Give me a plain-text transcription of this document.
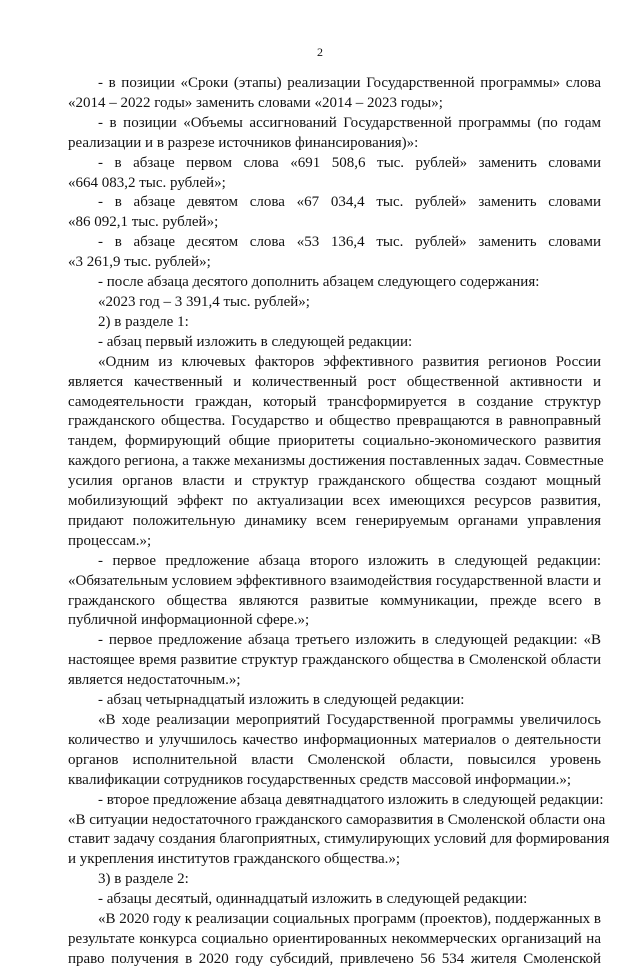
2
- в позиции «Сроки (этапы) реализации Государственной программы» слова
«2014 – 2022 годы» заменить словами «2014 – 2023 годы»;
- в позиции «Объемы ассигнований Государственной программы (по годам
реализации и в разрезе источников финансирования)»:
- в абзаце первом слова «691 508,6 тыс. рублей» заменить словами
«664 083,2 тыс. рублей»;
- в абзаце девятом слова «67 034,4 тыс. рублей» заменить словами
«86 092,1 тыс. рублей»;
- в абзаце десятом слова «53 136,4 тыс. рублей» заменить словами
«3 261,9 тыс. рублей»;
- после абзаца десятого дополнить абзацем следующего содержания:
«2023 год – 3 391,4 тыс. рублей»;
2) в разделе 1:
- абзац первый изложить в следующей редакции:
«Одним из ключевых факторов эффективного развития регионов России
является качественный и количественный рост общественной активности и
самодеятельности граждан, который трансформируется в создание структур
гражданского общества. Государство и общество превращаются в равноправный
тандем, формирующий общие приоритеты социально-экономического развития
каждого региона, а также механизмы достижения поставленных задач. Совместные
усилия органов власти и структур гражданского общества создают мощный
мобилизующий эффект по актуализации всех имеющихся ресурсов развития,
придают положительную динамику всем генерируемым органами управления
процессам.»;
- первое предложение абзаца второго изложить в следующей редакции:
«Обязательным условием эффективного взаимодействия государственной власти и
гражданского общества являются развитые коммуникации, прежде всего в
публичной информационной сфере.»;
- первое предложение абзаца третьего изложить в следующей редакции: «В
настоящее время развитие структур гражданского общества в Смоленской области
является недостаточным.»;
- абзац четырнадцатый изложить в следующей редакции:
«В ходе реализации мероприятий Государственной программы увеличилось
количество и улучшилось качество информационных материалов о деятельности
органов исполнительной власти Смоленской области, повысился уровень
квалификации сотрудников государственных средств массовой информации.»;
- второе предложение абзаца девятнадцатого изложить в следующей редакции:
«В ситуации недостаточного гражданского саморазвития в Смоленской области она
ставит задачу создания благоприятных, стимулирующих условий для формирования
и укрепления институтов гражданского общества.»;
3) в разделе 2:
- абзацы десятый, одиннадцатый изложить в следующей редакции:
«В 2020 году к реализации социальных программ (проектов), поддержанных в
результате конкурса социально ориентированных некоммерческих организаций на
право получения в 2020 году субсидий, привлечено 56 534 жителя Смоленской
